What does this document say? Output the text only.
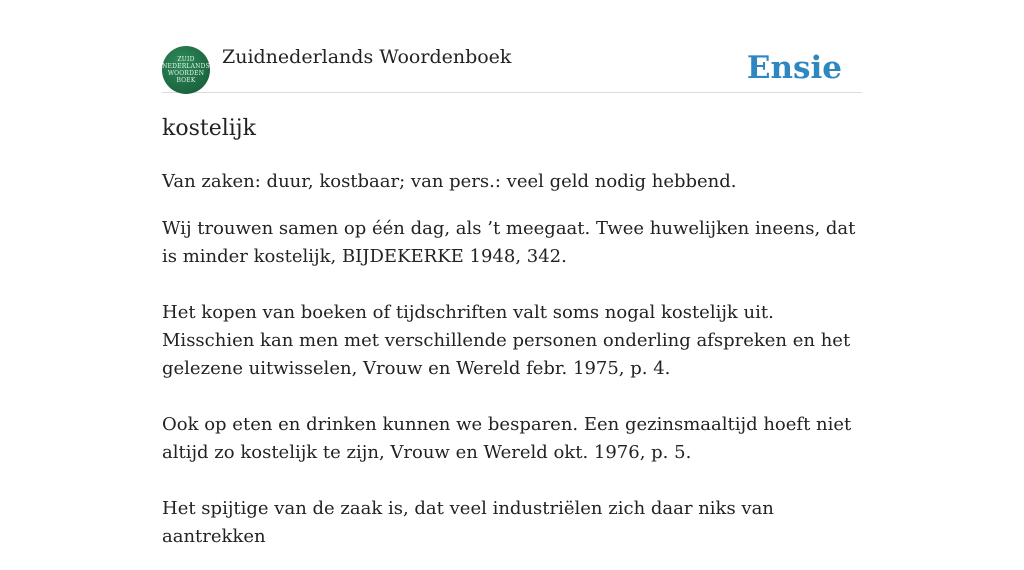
ZUID
NEDERLANDS
WOORDEN
BOEK
Zuidnederlands Woordenboek	Ensie
kostelijk

Van zaken: duur, kostbaar; van pers.: veel geld nodig hebbend.

Wij trouwen samen op één dag, als ’t meegaat. Twee huwelijken ineens, dat is minder kostelijk, BIJDEKERKE 1948, 342.

Het kopen van boeken of tijdschriften valt soms nogal kostelijk uit. Misschien kan men met verschillende personen onderling afspreken en het gelezene uitwisselen, Vrouw en Wereld febr. 1975, p. 4.

Ook op eten en drinken kunnen we besparen. Een gezinsmaaltijd hoeft niet altijd zo kostelijk te zijn, Vrouw en Wereld okt. 1976, p. 5.

Het spijtige van de zaak is, dat veel industriëlen zich daar niks van aantrekken
